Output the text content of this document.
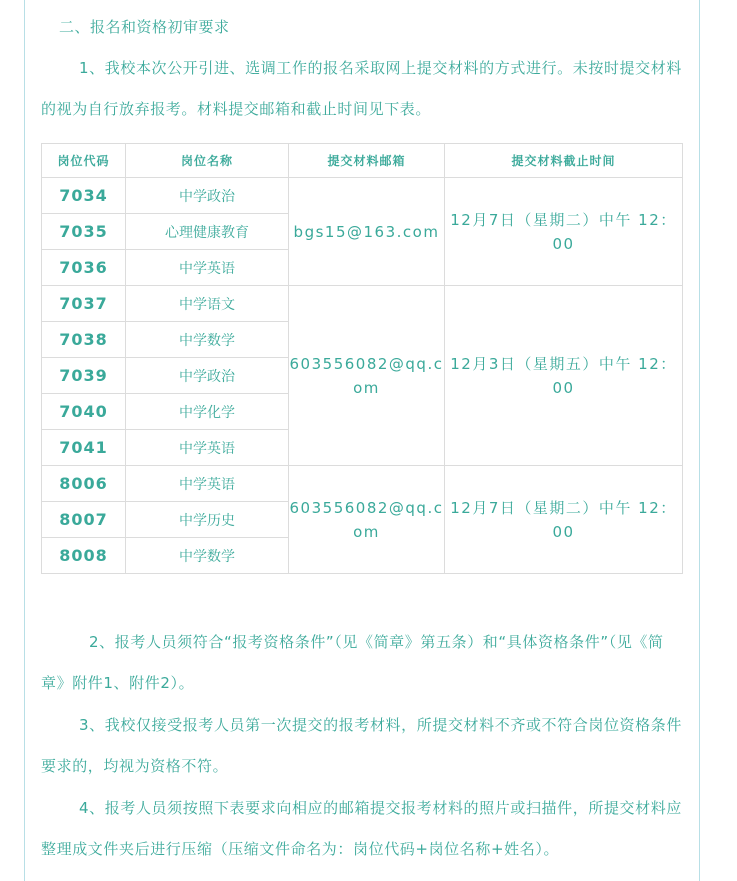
二、报名和资格初审要求
1、我校本次公开引进、选调工作的报名采取网上提交材料的方式进行。未按时提交材料的视为自行放弃报考。材料提交邮箱和截止时间见下表。
岗位代码	岗位名称	提交材料邮箱	提交材料截止时间
7034	中学政治	bgs15@163.com	12月7日（星期二）中午 12：00
7035	心理健康教育		
7036	中学英语		
7037	中学语文	603556082@qq.com	12月3日（星期五）中午 12：00
7038	中学数学		
7039	中学政治		
7040	中学化学		
7041	中学英语		
8006	中学英语	603556082@qq.com	12月7日（星期二）中午 12：00
8007	中学历史		
8008	中学数学		
2、报考人员须符合“报考资格条件”（见《简章》第五条）和“具体资格条件”（见《简章》附件1、附件2）。
3、我校仅接受报考人员第一次提交的报考材料，所提交材料不齐或不符合岗位资格条件要求的，均视为资格不符。
4、报考人员须按照下表要求向相应的邮箱提交报考材料的照片或扫描件，所提交材料应整理成文件夹后进行压缩（压缩文件命名为：岗位代码+岗位名称+姓名）。
